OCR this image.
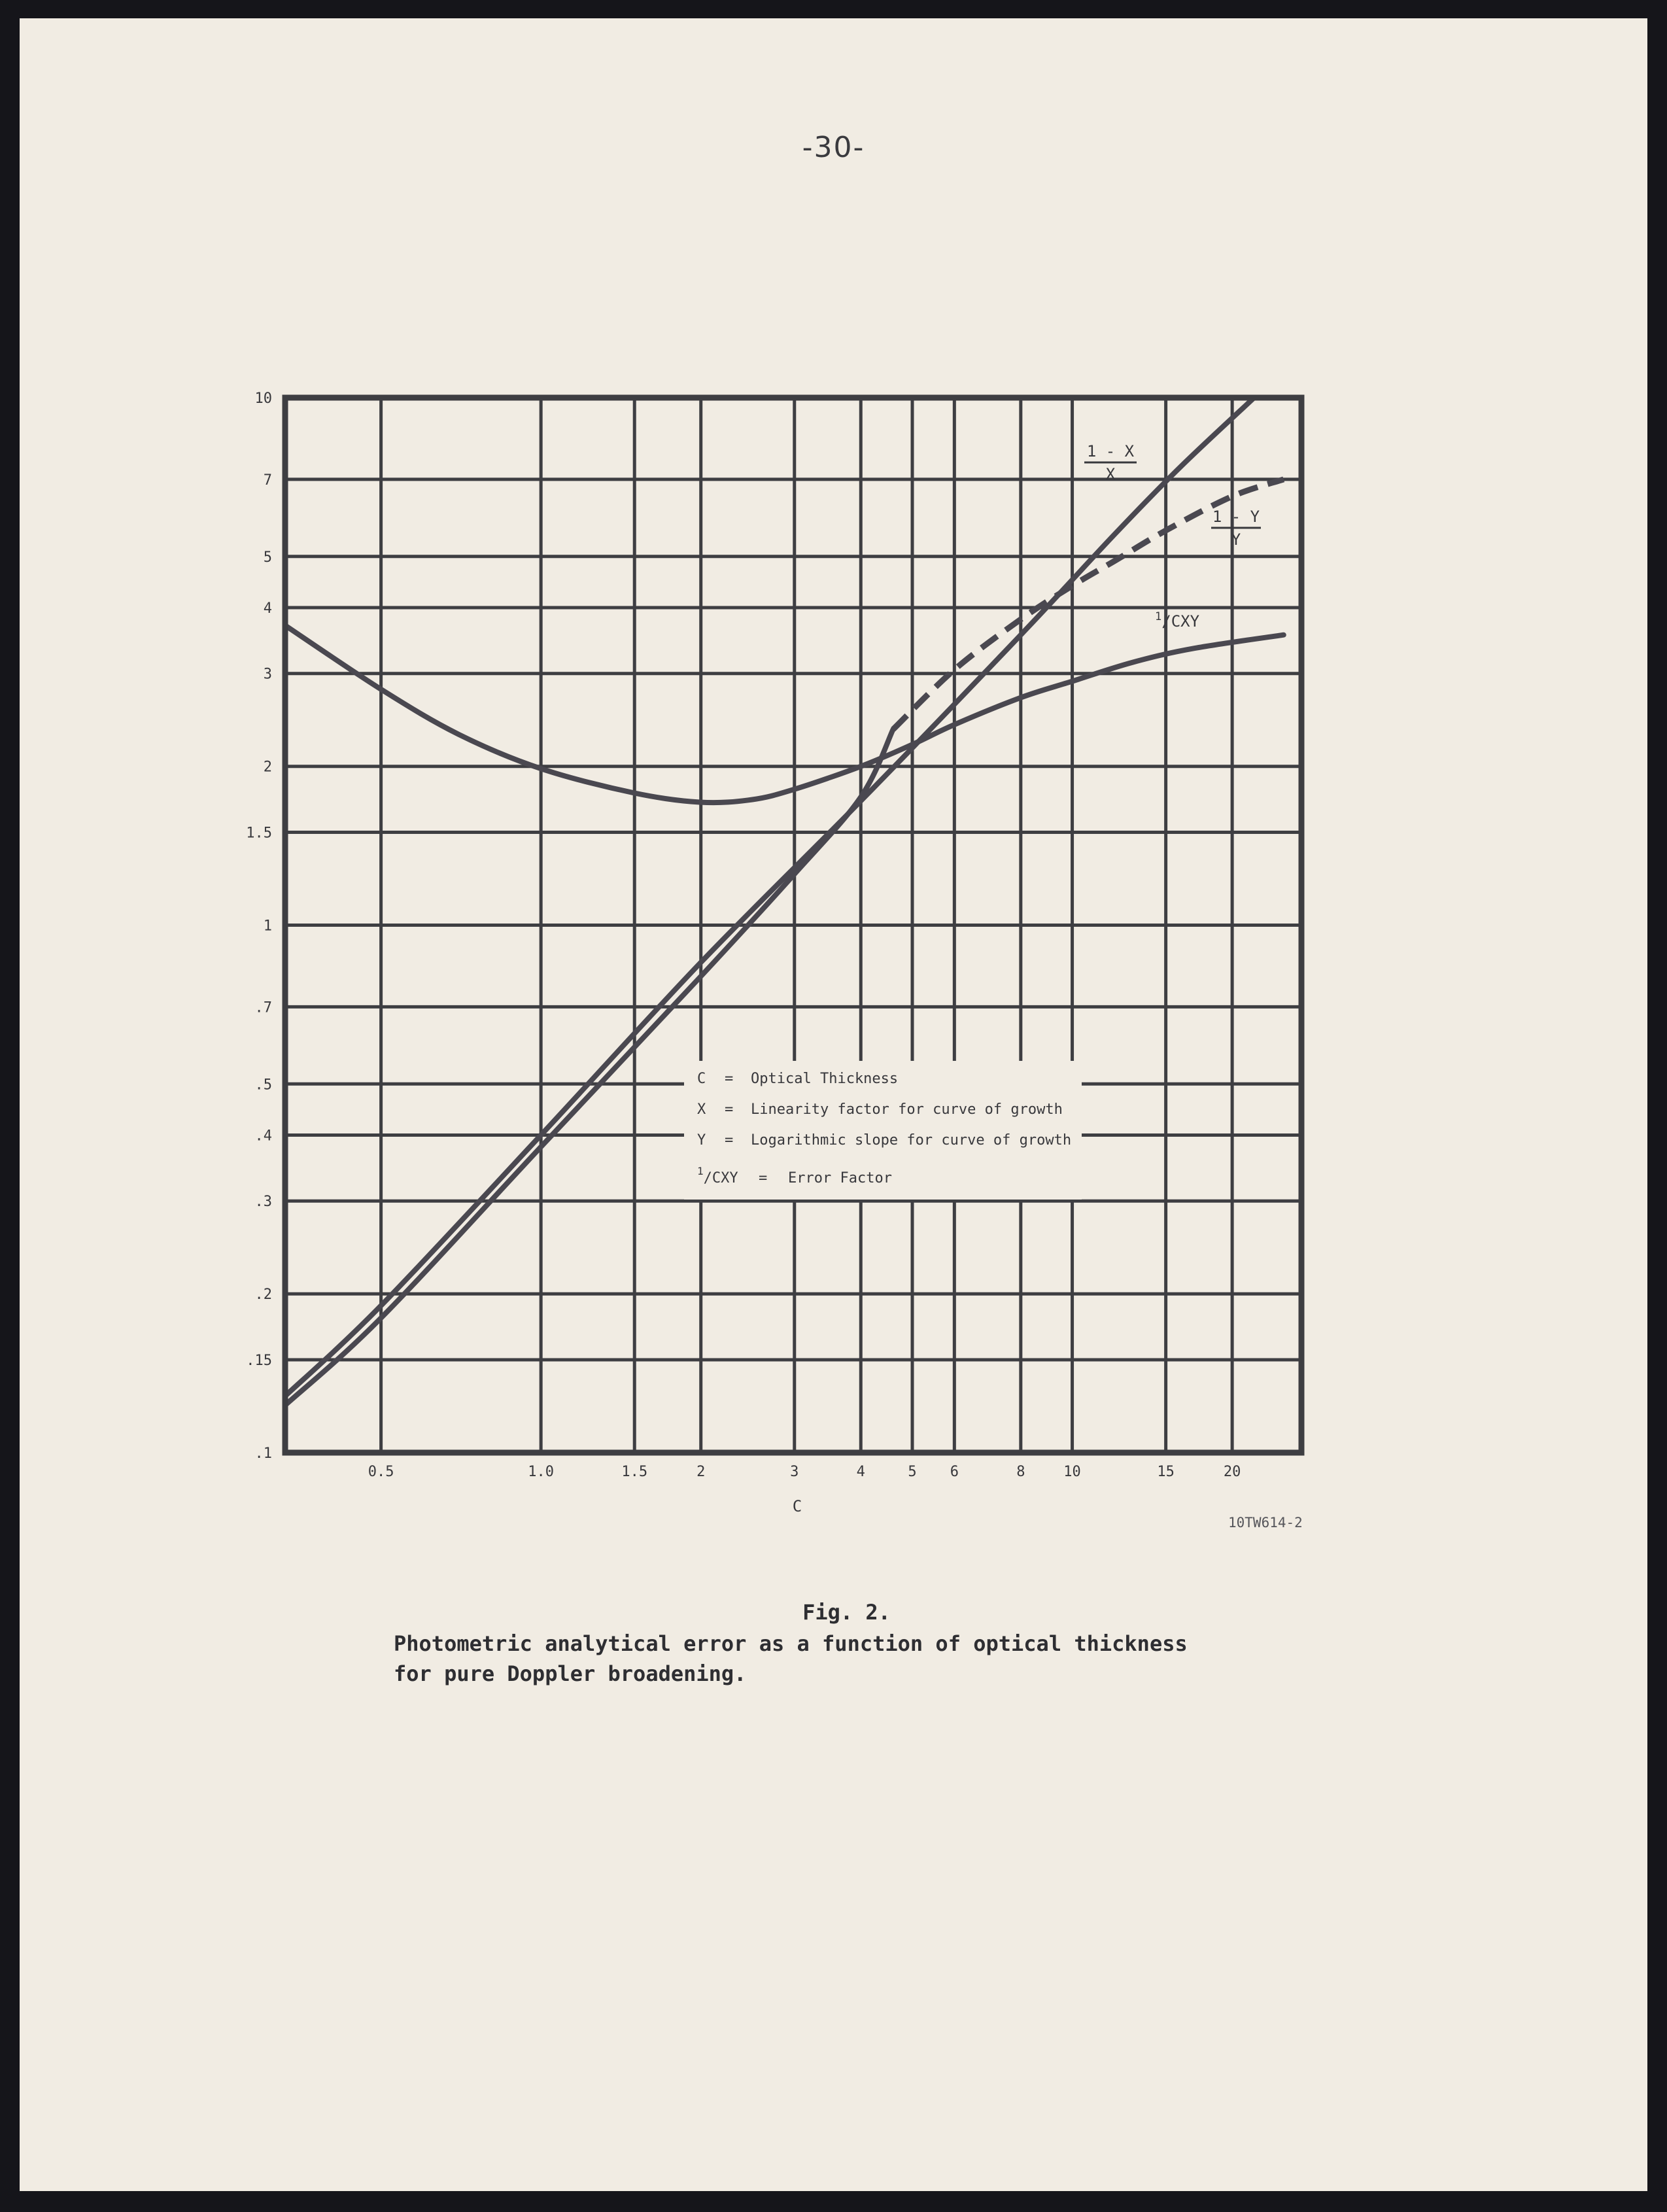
-30-
.1
.15
.2
.3
.4
.5
.7
1
1.5
2
3
4
5
7
10
0.5	1.0	1.5	2	3	4	5 6	8	10	15	20
C
C = Optical Thickness
X = Linearity factor for curve of growth
Y = Logarithmic slope for curve of growth
$^1$/CXY = Error Factor
1 - X
X
1 - Y
Y
$^1$/CXY
10TW614-2
Fig. 2.
Photometric analytical error as a function of optical thickness
for pure Doppler broadening.
